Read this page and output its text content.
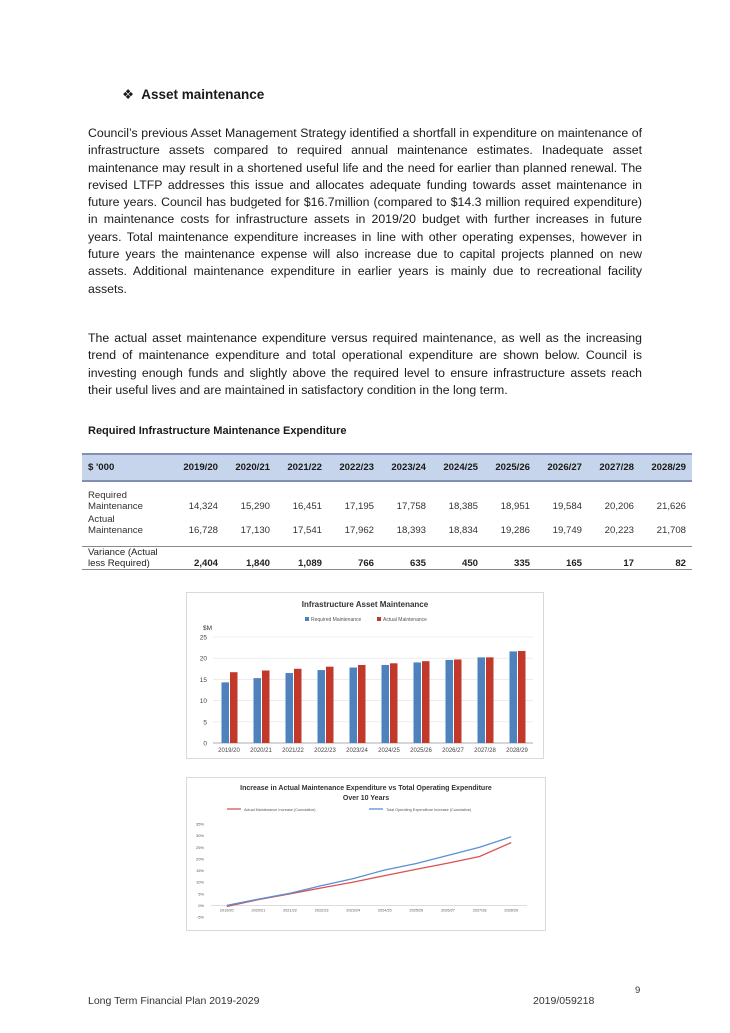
❖ Asset maintenance

Council’s previous Asset Management Strategy identified a shortfall in expenditure on maintenance of infrastructure assets compared to required annual maintenance estimates. Inadequate asset maintenance may result in a shortened useful life and the need for earlier than planned renewal. The revised LTFP addresses this issue and allocates adequate funding towards asset maintenance in future years. Council has budgeted for $16.7million (compared to $14.3 million required expenditure) in maintenance costs for infrastructure assets in 2019/20 budget with further increases in future years. Total maintenance expenditure increases in line with other operating expenses, however in future years the maintenance expense will also increase due to capital projects planned on new assets. Additional maintenance expenditure in earlier years is mainly due to recreational facility assets.

The actual asset maintenance expenditure versus required maintenance, as well as the increasing trend of maintenance expenditure and total operational expenditure are shown below. Council is investing enough funds and slightly above the required level to ensure infrastructure assets reach their useful lives and are maintained in satisfactory condition in the long term.

Required Infrastructure Maintenance Expenditure
$ '000	2019/20	2020/21	2021/22	2022/23	2023/24	2024/25	2025/26	2026/27	2027/28	2028/29

Required
Maintenance	14,324	15,290	16,451	17,195	17,758	18,385	18,951	19,584	20,206	21,626
Actual
Maintenance	16,728	17,130	17,541	17,962	18,393	18,834	19,286	19,749	20,223	21,708

Variance (Actual
less Required)	2,404	1,840	1,089	766	635	450	335	165	17	82
Infrastructure Asset Maintenance
Required Maintenance	Actual Maintenance
$M
0
5
10
15
20
25
2019/20 2020/21 2021/22 2022/23 2023/24 2024/25 2025/26 2026/27 2027/28 2028/29
Increase in Actual Maintenance Expenditure vs Total Operating Expenditure
Over 10 Years
Actual Maintenance Increase (Cumulative)	Total Operating Expenditure Increase (Cumulative)
-5%
0%
5%
10%
15%
20%
25%
30%
35%
2019/20	2020/21	2021/22	2022/23	2023/24	2024/25	2025/26	2026/27	2027/28	2028/29
9
Long Term Financial Plan 2019-2029	2019/059218
